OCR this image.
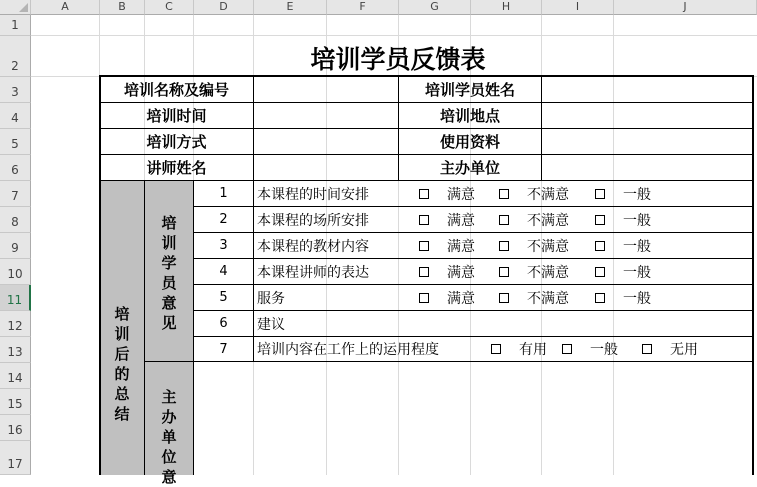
A	B	C	D	E	F	G	H	I	J
1
2
3
4
5
6
7
8
9
10
11
12
13
14
15
16
17
培训学员反馈表
培训名称及编号	培训学员姓名
培训时间	培训地点
培训方式	使用资料
讲师姓名	主办单位
培
训
后
的
总
结
培
训
学
员
意
见
主
办
单
位
意
1	本课程的时间安排	满意	不满意	一般
2	本课程的场所安排	满意	不满意	一般
3	本课程的教材内容	满意	不满意	一般
4	本课程讲师的表达	满意	不满意	一般
5	服务	满意	不满意	一般
6	建议
7	培训内容在工作上的运用程度	有用	一般	无用
